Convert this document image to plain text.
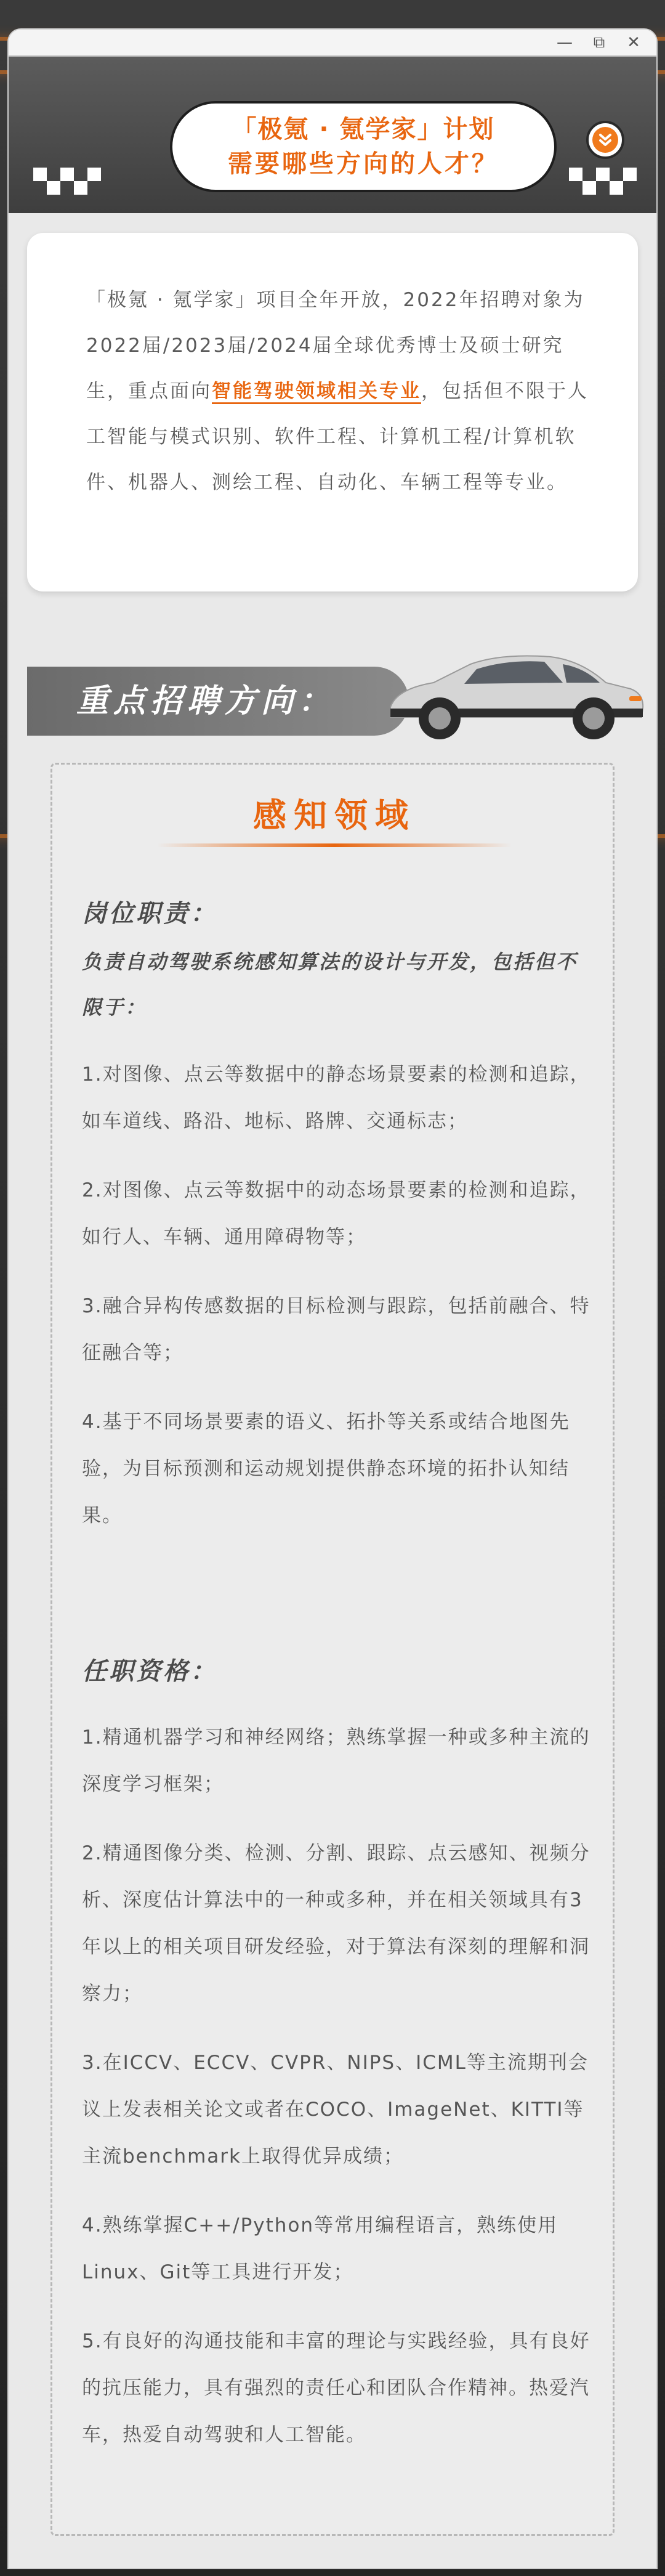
— ⧉ ✕
「极氪 · 氪学家」计划
需要哪些方向的人才？
「极氪 · 氪学家」项目全年开放，2022年招聘对象为2022届/2023届/2024届全球优秀博士及硕士研究生，重点面向智能驾驶领域相关专业，包括但不限于人工智能与模式识别、软件工程、计算机工程/计算机软件、机器人、测绘工程、自动化、车辆工程等专业。
重点招聘方向：
感知领域
岗位职责：
负责自动驾驶系统感知算法的设计与开发，包括但不限于：
1.对图像、点云等数据中的静态场景要素的检测和追踪，如车道线、路沿、地标、路牌、交通标志；
2.对图像、点云等数据中的动态场景要素的检测和追踪，如行人、车辆、通用障碍物等；
3.融合异构传感数据的目标检测与跟踪，包括前融合、特征融合等；
4.基于不同场景要素的语义、拓扑等关系或结合地图先验，为目标预测和运动规划提供静态环境的拓扑认知结果。
任职资格：
1.精通机器学习和神经网络；熟练掌握一种或多种主流的深度学习框架；
2.精通图像分类、检测、分割、跟踪、点云感知、视频分析、深度估计算法中的一种或多种，并在相关领域具有3年以上的相关项目研发经验，对于算法有深刻的理解和洞察力；
3.在ICCV、ECCV、CVPR、NIPS、ICML等主流期刊会议上发表相关论文或者在COCO、ImageNet、KITTI等主流benchmark上取得优异成绩；
4.熟练掌握C++/Python等常用编程语言，熟练使用Linux、Git等工具进行开发；
5.有良好的沟通技能和丰富的理论与实践经验，具有良好的抗压能力，具有强烈的责任心和团队合作精神。热爱汽车，热爱自动驾驶和人工智能。
